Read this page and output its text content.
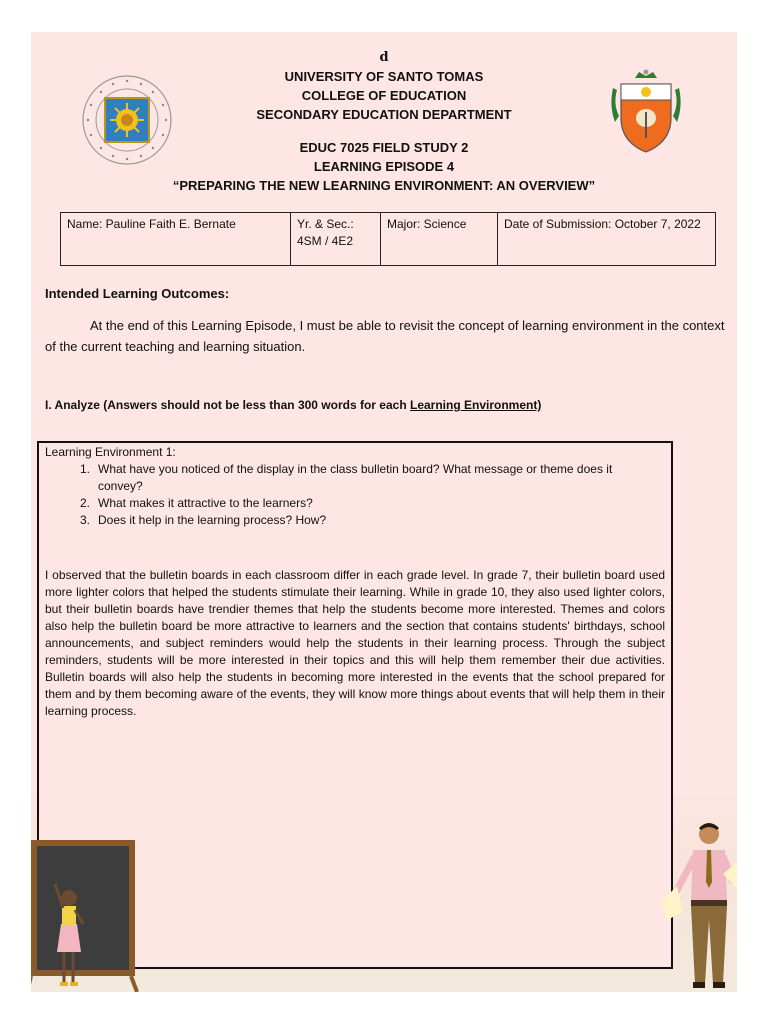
d
UNIVERSITY OF SANTO TOMAS
COLLEGE OF EDUCATION
SECONDARY EDUCATION DEPARTMENT
EDUC 7025 FIELD STUDY 2
LEARNING EPISODE 4
“PREPARING THE NEW LEARNING ENVIRONMENT: AN OVERVIEW”
Name: Pauline Faith E. Bernate	Yr. & Sec.: 4SM / 4E2	Major: Science	Date of Submission: October 7, 2022
Intended Learning Outcomes:
At the end of this Learning Episode, I must be able to revisit the concept of learning environment in the context of the current teaching and learning situation.
I. Analyze (Answers should not be less than 300 words for each Learning Environment)
Learning Environment 1:
1. What have you noticed of the display in the class bulletin board? What message or theme does it convey?
2. What makes it attractive to the learners?
3. Does it help in the learning process? How?
I observed that the bulletin boards in each classroom differ in each grade level. In grade 7, their bulletin board used more lighter colors that helped the students stimulate their learning. While in grade 10, they also used lighter colors, but their bulletin boards have trendier themes that help the students become more interested. Themes and colors also help the bulletin board be more attractive to learners and the section that contains students' birthdays, school announcements, and subject reminders would help the students in their learning process. Through the subject reminders, students will be more interested in their topics and this will help them remember their due activities. Bulletin boards will also help the students in becoming more interested in the events that the school prepared for them and by them becoming aware of the events, they will know more things about events that will help them in their learning process.
